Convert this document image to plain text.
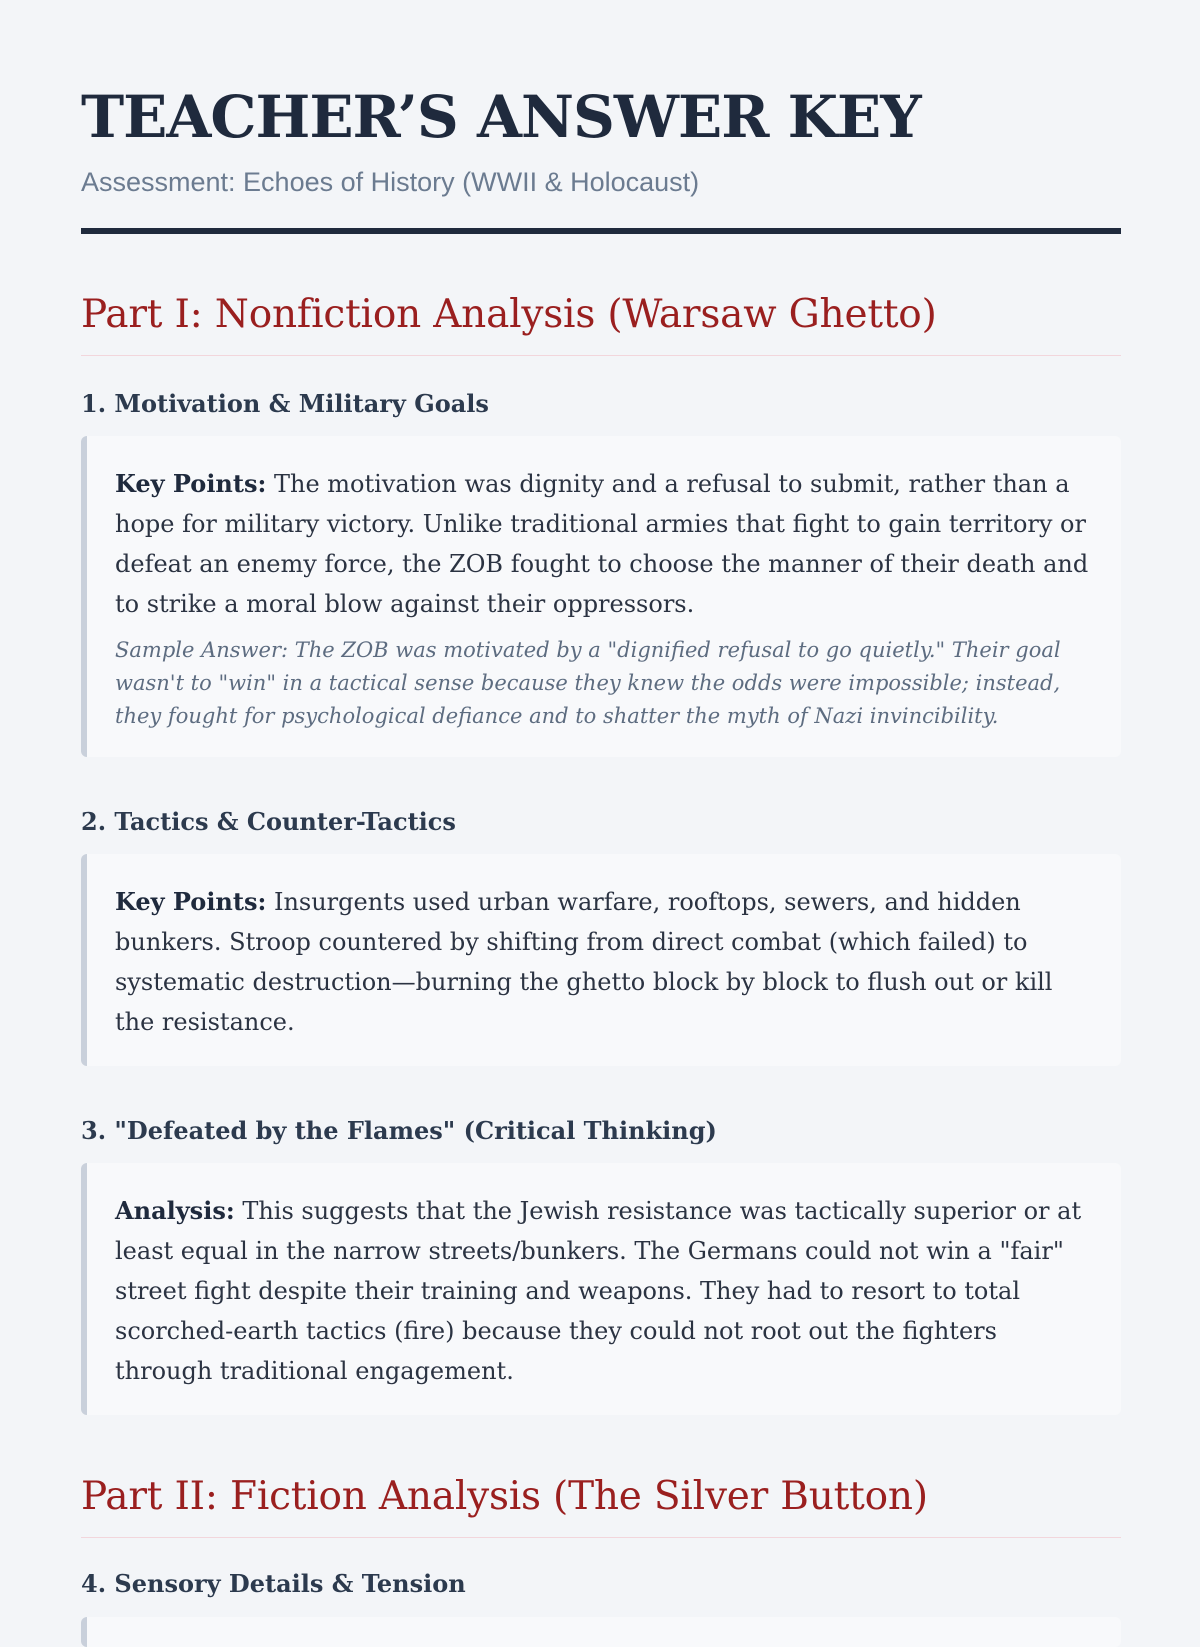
TEACHER’S ANSWER KEY

Assessment: Echoes of History (WWII & Holocaust)

Part I: Nonfiction Analysis (Warsaw Ghetto)
1. Motivation & Military Goals

Key Points: The motivation was dignity and a refusal to submit, rather than a hope for military victory. Unlike traditional armies that fight to gain territory or defeat an enemy force, the ZOB fought to choose the manner of their death and to strike a moral blow against their oppressors.

Sample Answer: The ZOB was motivated by a "dignified refusal to go quietly." Their goal wasn't to "win" in a tactical sense because they knew the odds were impossible; instead, they fought for psychological defiance and to shatter the myth of Nazi invincibility.

2. Tactics & Counter-Tactics

Key Points: Insurgents used urban warfare, rooftops, sewers, and hidden bunkers. Stroop countered by shifting from direct combat (which failed) to systematic destruction—burning the ghetto block by block to flush out or kill the resistance.

3. "Defeated by the Flames" (Critical Thinking)

Analysis: This suggests that the Jewish resistance was tactically superior or at least equal in the narrow streets/bunkers. The Germans could not win a "fair" street fight despite their training and weapons. They had to resort to total scorched-earth tactics (fire) because they could not root out the fighters through traditional engagement.

Part II: Fiction Analysis (The Silver Button)
4. Sensory Details & Tension
